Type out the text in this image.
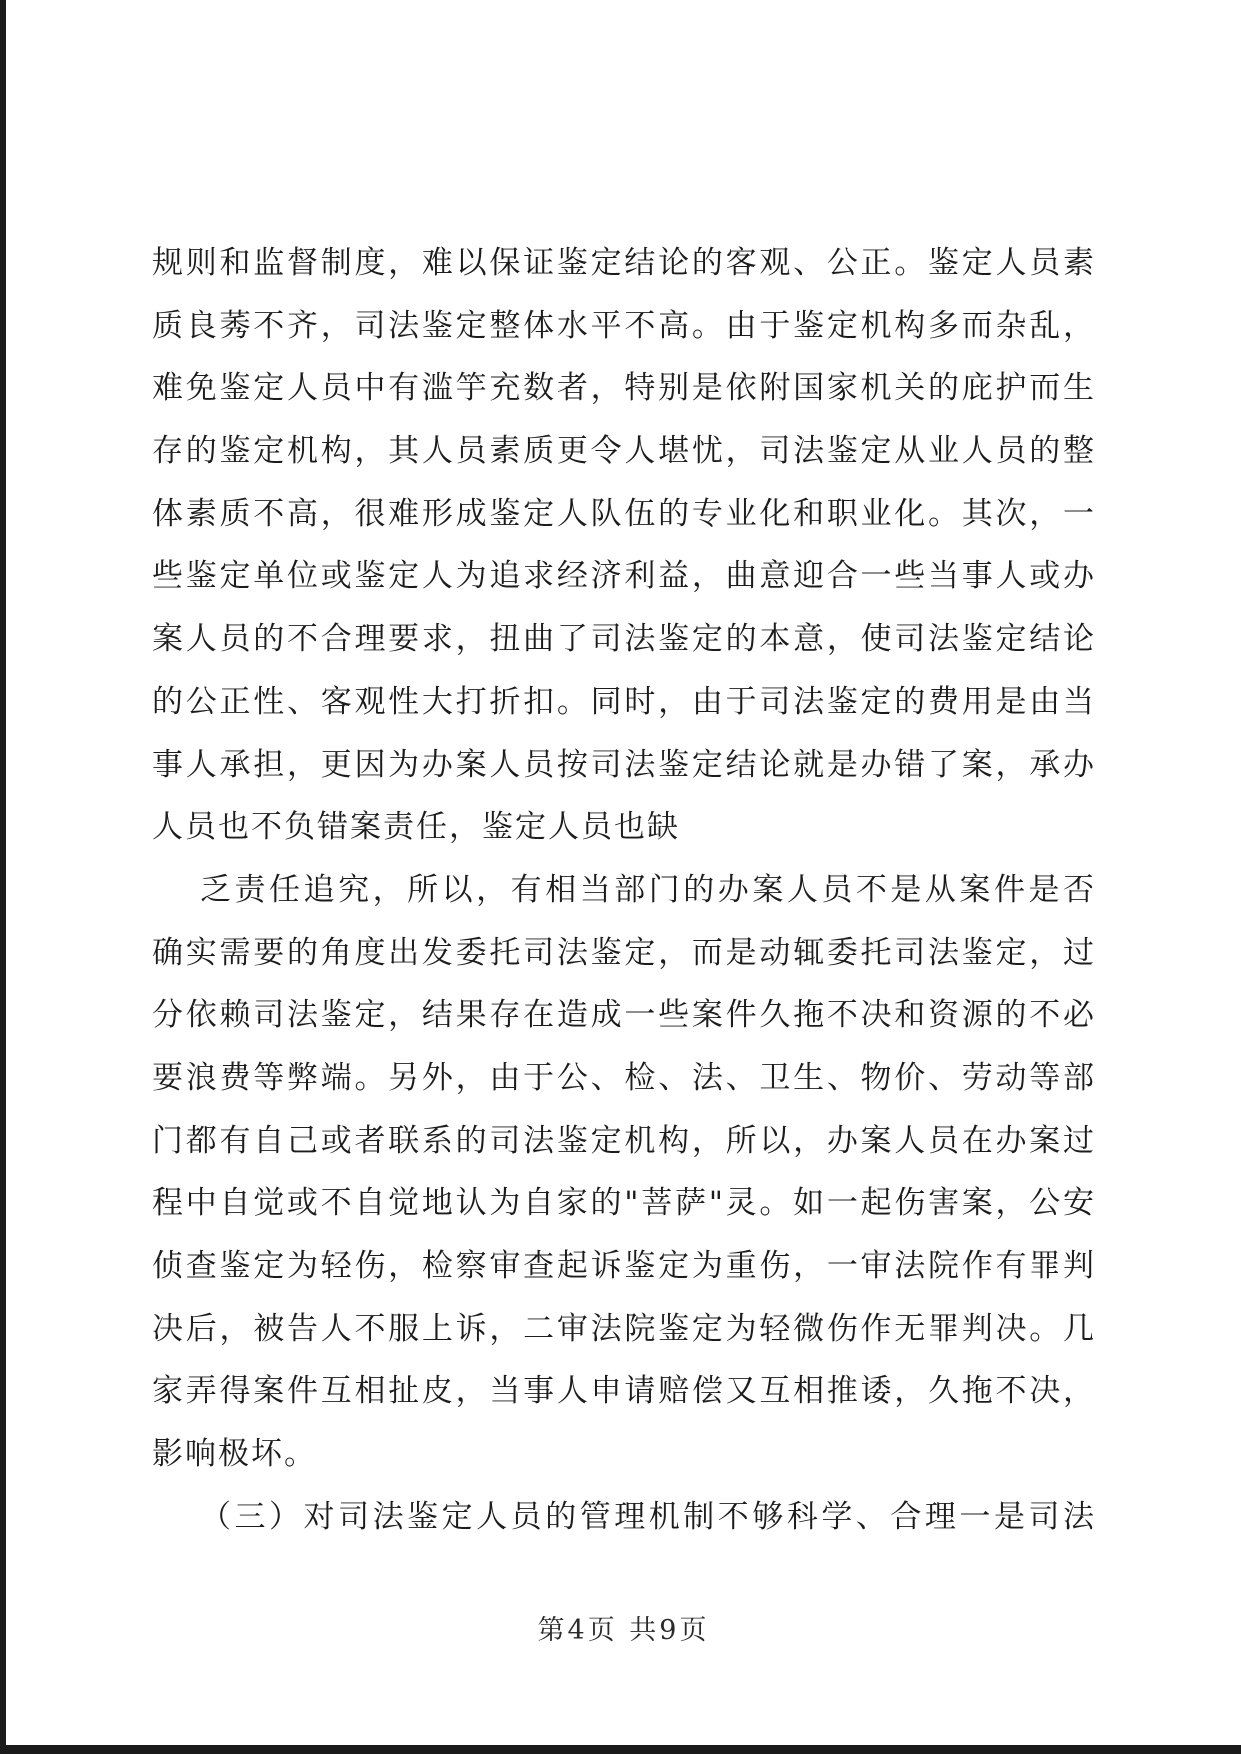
规则和监督制度，难以保证鉴定结论的客观、公正。鉴定人员素
质良莠不齐，司法鉴定整体水平不高。由于鉴定机构多而杂乱，
难免鉴定人员中有滥竽充数者，特别是依附国家机关的庇护而生
存的鉴定机构，其人员素质更令人堪忧，司法鉴定从业人员的整
体素质不高，很难形成鉴定人队伍的专业化和职业化。其次，一
些鉴定单位或鉴定人为追求经济利益，曲意迎合一些当事人或办
案人员的不合理要求，扭曲了司法鉴定的本意，使司法鉴定结论
的公正性、客观性大打折扣。同时，由于司法鉴定的费用是由当
事人承担，更因为办案人员按司法鉴定结论就是办错了案，承办
人员也不负错案责任，鉴定人员也缺
乏责任追究，所以，有相当部门的办案人员不是从案件是否
确实需要的角度出发委托司法鉴定，而是动辄委托司法鉴定，过
分依赖司法鉴定，结果存在造成一些案件久拖不决和资源的不必
要浪费等弊端。另外，由于公、检、法、卫生、物价、劳动等部
门都有自己或者联系的司法鉴定机构，所以，办案人员在办案过
程中自觉或不自觉地认为自家的"菩萨"灵。如一起伤害案，公安
侦查鉴定为轻伤，检察审查起诉鉴定为重伤，一审法院作有罪判
决后，被告人不服上诉，二审法院鉴定为轻微伤作无罪判决。几
家弄得案件互相扯皮，当事人申请赔偿又互相推诿，久拖不决，
影响极坏。
（三）对司法鉴定人员的管理机制不够科学、合理一是司法
第4页 共9页
